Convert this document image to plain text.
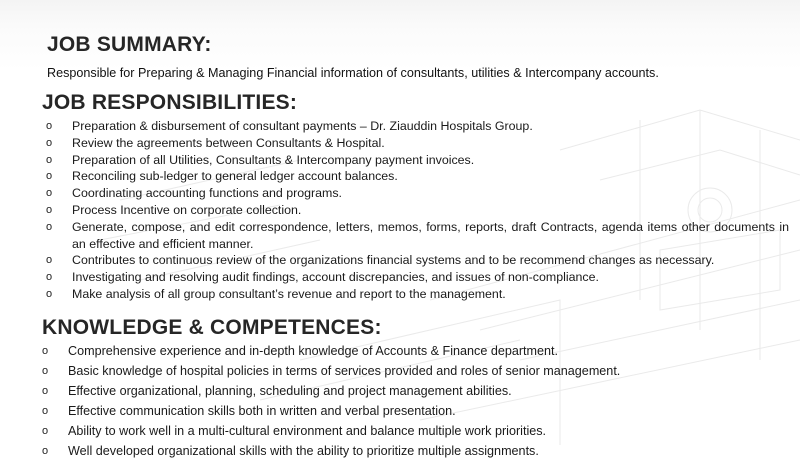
JOB SUMMARY:

Responsible for Preparing & Managing Financial information of consultants, utilities & Intercompany accounts.

JOB RESPONSIBILITIES:
o Preparation & disbursement of consultant payments – Dr. Ziauddin Hospitals Group.
o Review the agreements between Consultants & Hospital.
o Preparation of all Utilities, Consultants & Intercompany payment invoices.
o Reconciling sub-ledger to general ledger account balances.
o Coordinating accounting functions and programs.
o Process Incentive on corporate collection.
o Generate, compose, and edit correspondence, letters, memos, forms, reports, draft Contracts, agenda items other documents in an effective and efficient manner.
o Contributes to continuous review of the organizations financial systems and to be recommend changes as necessary.
o Investigating and resolving audit findings, account discrepancies, and issues of non-compliance.
o Make analysis of all group consultant’s revenue and report to the management.
KNOWLEDGE & COMPETENCES:
o Comprehensive experience and in-depth knowledge of Accounts & Finance department.
o Basic knowledge of hospital policies in terms of services provided and roles of senior management.
o Effective organizational, planning, scheduling and project management abilities.
o Effective communication skills both in written and verbal presentation.
o Ability to work well in a multi-cultural environment and balance multiple work priorities.
o Well developed organizational skills with the ability to prioritize multiple assignments.
